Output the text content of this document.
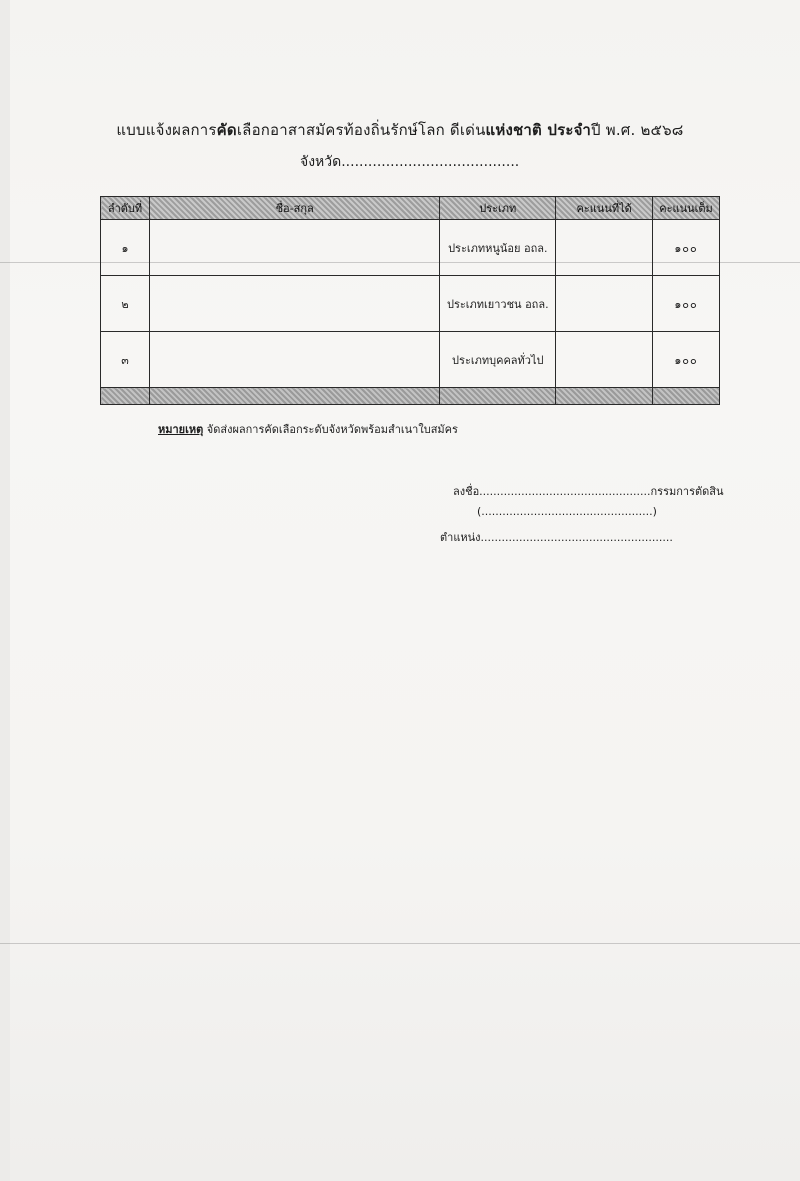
แบบแจ้งผลการคัดเลือกอาสาสมัครท้องถิ่นรักษ์โลก ดีเด่นแห่งชาติ ประจำปี พ.ศ. ๒๕๖๘
จังหวัด........................................
ลำดับที่	ชื่อ-สกุล	ประเภท	คะแนนที่ได้	คะแนนเต็ม
๑		ประเภทหนูน้อย อถล.		๑๐๐
๒		ประเภทเยาวชน อถล.		๑๐๐
๓		ประเภทบุคคลทั่วไป		๑๐๐

หมายเหตุ จัดส่งผลการคัดเลือกระดับจังหวัดพร้อมสำเนาใบสมัคร
ลงชื่อ.................................................กรรมการตัดสิน
(.................................................)
ตำแหน่ง.......................................................
